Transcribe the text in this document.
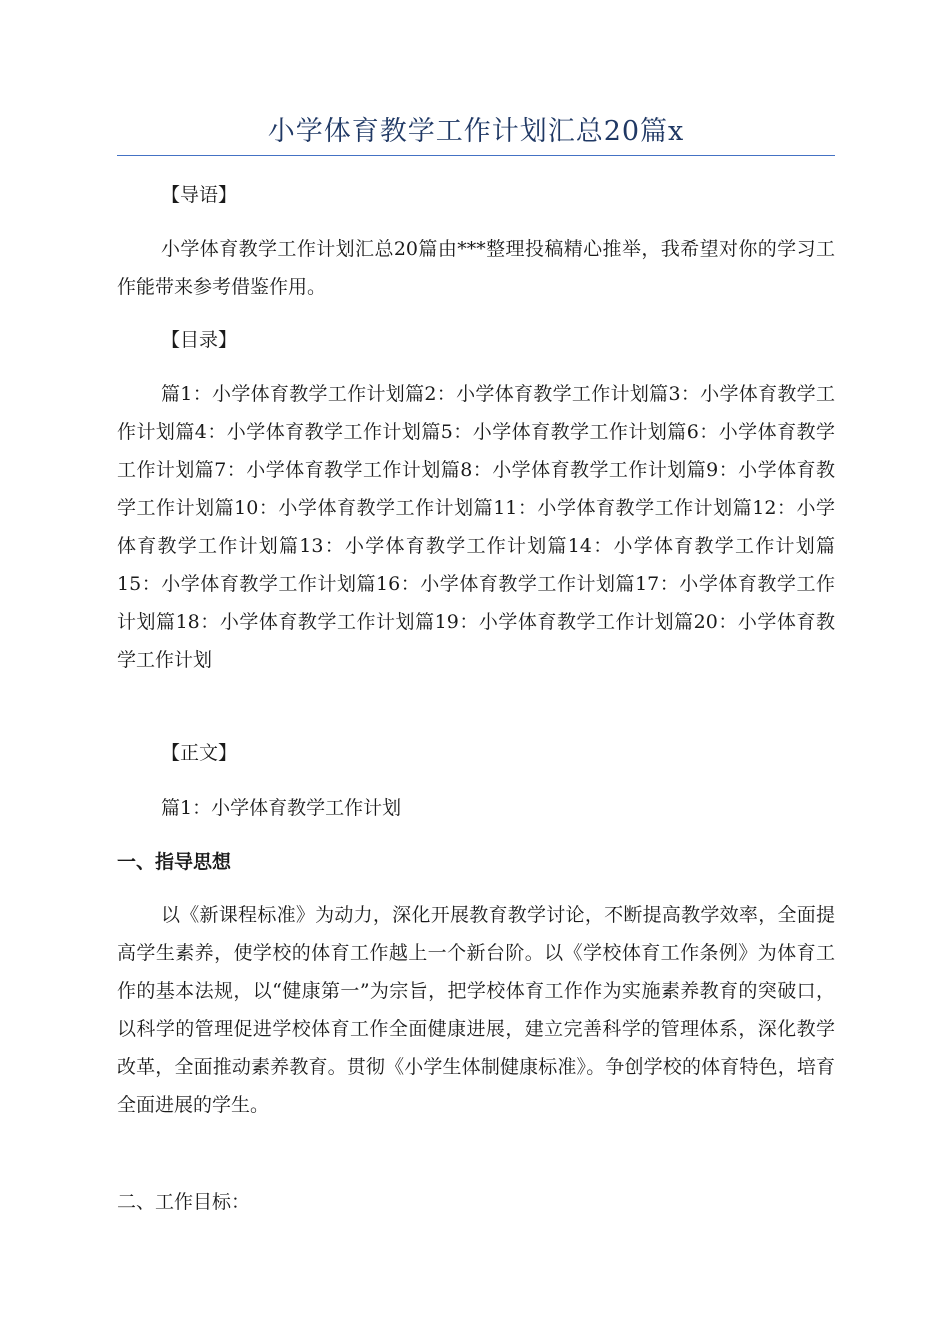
小学体育教学工作计划汇总20篇x

【导语】

小学体育教学工作计划汇总20篇由***整理投稿精心推举，我希望对你的学习工作能带来参考借鉴作用。

【目录】

篇1：小学体育教学工作计划篇2：小学体育教学工作计划篇3：小学体育教学工作计划篇4：小学体育教学工作计划篇5：小学体育教学工作计划篇6：小学体育教学工作计划篇7：小学体育教学工作计划篇8：小学体育教学工作计划篇9：小学体育教学工作计划篇10：小学体育教学工作计划篇11：小学体育教学工作计划篇12：小学体育教学工作计划篇13：小学体育教学工作计划篇14：小学体育教学工作计划篇15：小学体育教学工作计划篇16：小学体育教学工作计划篇17：小学体育教学工作计划篇18：小学体育教学工作计划篇19：小学体育教学工作计划篇20：小学体育教学工作计划

【正文】

篇1：小学体育教学工作计划

一、指导思想

以《新课程标准》为动力，深化开展教育教学讨论，不断提高教学效率，全面提高学生素养，使学校的体育工作越上一个新台阶。以《学校体育工作条例》为体育工作的基本法规，以“健康第一”为宗旨，把学校体育工作作为实施素养教育的突破口，以科学的管理促进学校体育工作全面健康进展，建立完善科学的管理体系，深化教学改革，全面推动素养教育。贯彻《小学生体制健康标准》。争创学校的体育特色，培育全面进展的学生。

二、工作目标：
